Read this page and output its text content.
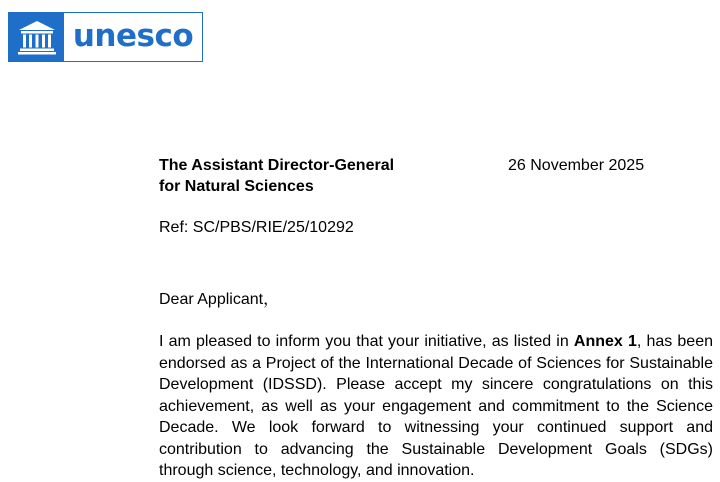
unesco
The Assistant Director-General
for Natural Sciences
26 November 2025
Ref: SC/PBS/RIE/25/10292
Dear Applicant，

I am pleased to inform you that your initiative, as listed in Annex 1, has been endorsed as a Project of the International Decade of Sciences for Sustainable Development (IDSSD). Please accept my sincere congratulations on this achievement, as well as your engagement and commitment to the Science Decade. We look forward to witnessing your continued support and contribution to advancing the Sustainable Development Goals (SDGs) through science, technology, and innovation.
